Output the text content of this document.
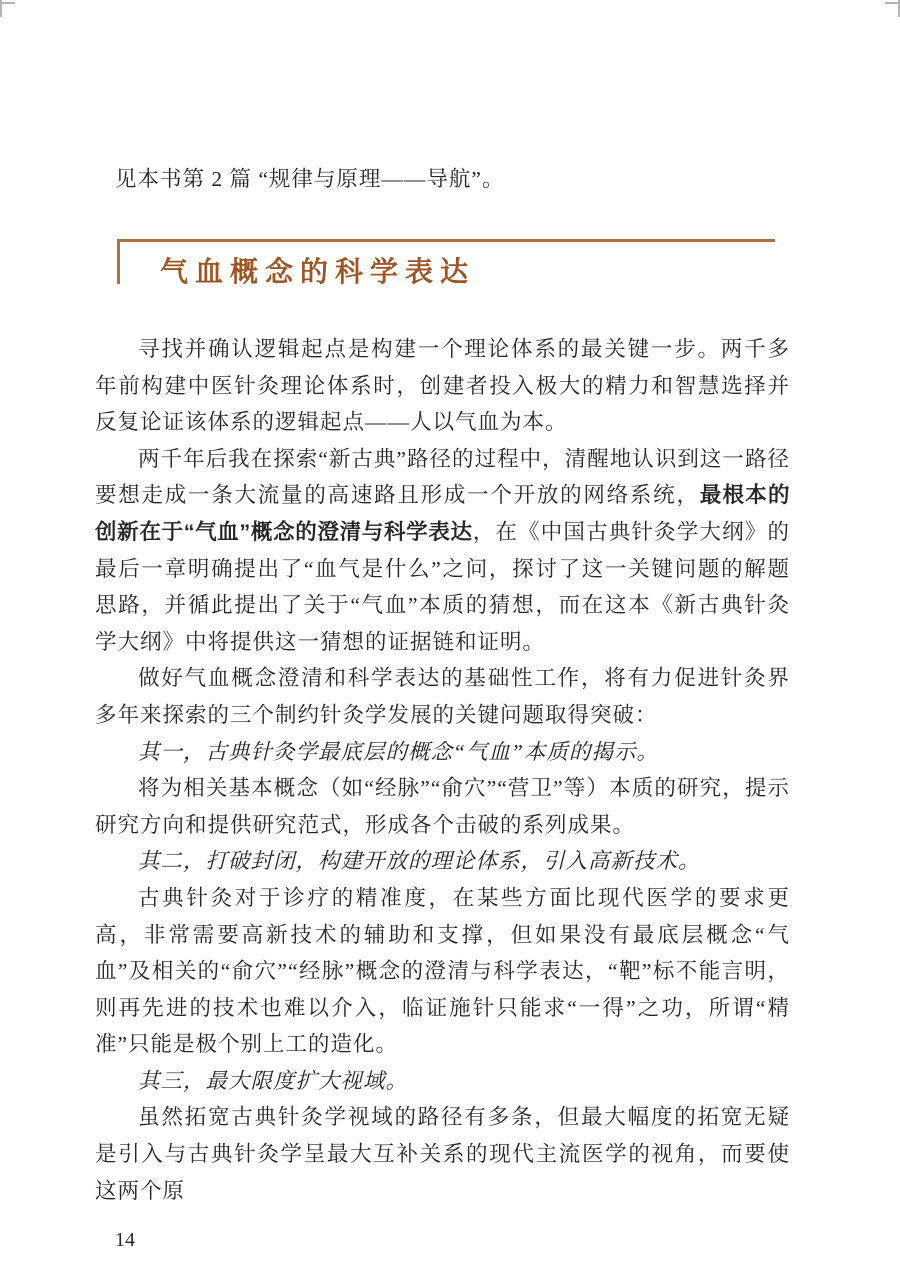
见本书第 2 篇 “规律与原理——导航”。

气血概念的科学表达

寻找并确认逻辑起点是构建一个理论体系的最关键一步。两千多年前构建中医针灸理论体系时，创建者投入极大的精力和智慧选择并反复论证该体系的逻辑起点——人以气血为本。

两千年后我在探索“新古典”路径的过程中，清醒地认识到这一路径要想走成一条大流量的高速路且形成一个开放的网络系统，最根本的创新在于“气血”概念的澄清与科学表达，在《中国古典针灸学大纲》的最后一章明确提出了“血气是什么”之问，探讨了这一关键问题的解题思路，并循此提出了关于“气血”本质的猜想，而在这本《新古典针灸学大纲》中将提供这一猜想的证据链和证明。

做好气血概念澄清和科学表达的基础性工作，将有力促进针灸界多年来探索的三个制约针灸学发展的关键问题取得突破：

其一，古典针灸学最底层的概念“气血”本质的揭示。

将为相关基本概念（如“经脉”“俞穴”“营卫”等）本质的研究，提示研究方向和提供研究范式，形成各个击破的系列成果。

其二，打破封闭，构建开放的理论体系，引入高新技术。

古典针灸对于诊疗的精准度，在某些方面比现代医学的要求更高，非常需要高新技术的辅助和支撑，但如果没有最底层概念“气血”及相关的“俞穴”“经脉”概念的澄清与科学表达，“靶”标不能言明，则再先进的技术也难以介入，临证施针只能求“一得”之功，所谓“精准”只能是极个别上工的造化。

其三，最大限度扩大视域。

虽然拓宽古典针灸学视域的路径有多条，但最大幅度的拓宽无疑是引入与古典针灸学呈最大互补关系的现代主流医学的视角，而要使这两个原

14
